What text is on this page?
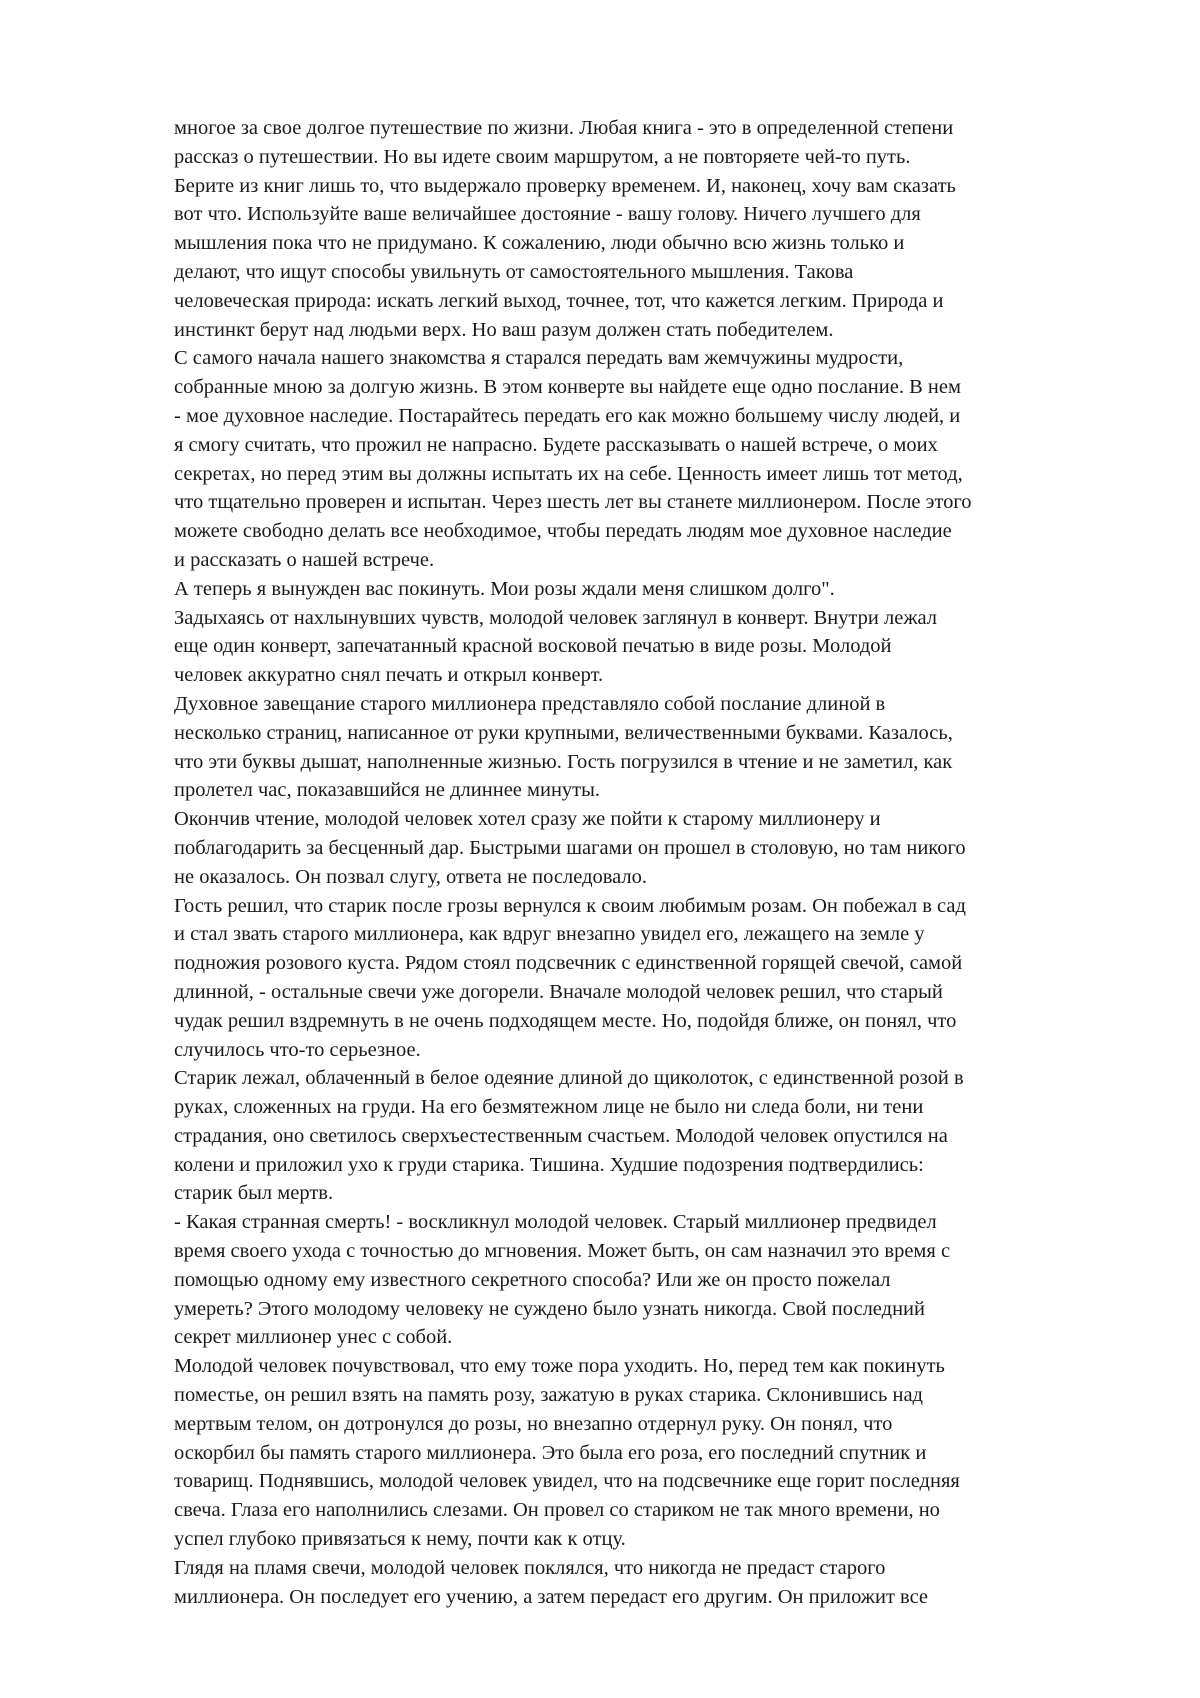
многое за свое долгое путешествие по жизни. Любая книга - это в определенной степени
рассказ о путешествии. Но вы идете своим маршрутом, а не повторяете чей-то путь.
Берите из книг лишь то, что выдержало проверку временем. И, наконец, хочу вам сказать
вот что. Используйте ваше величайшее достояние - вашу голову. Ничего лучшего для
мышления пока что не придумано. К сожалению, люди обычно всю жизнь только и
делают, что ищут способы увильнуть от самостоятельного мышления. Такова
человеческая природа: искать легкий выход, точнее, тот, что кажется легким. Природа и
инстинкт берут над людьми верх. Но ваш разум должен стать победителем.
С самого начала нашего знакомства я старался передать вам жемчужины мудрости,
собранные мною за долгую жизнь. В этом конверте вы найдете еще одно послание. В нем
- мое духовное наследие. Постарайтесь передать его как можно большему числу людей, и
я смогу считать, что прожил не напрасно. Будете рассказывать о нашей встрече, о моих
секретах, но перед этим вы должны испытать их на себе. Ценность имеет лишь тот метод,
что тщательно проверен и испытан. Через шесть лет вы станете миллионером. После этого
можете свободно делать все необходимое, чтобы передать людям мое духовное наследие
и рассказать о нашей встрече.
А теперь я вынужден вас покинуть. Мои розы ждали меня слишком долго".
Задыхаясь от нахлынувших чувств, молодой человек заглянул в конверт. Внутри лежал
еще один конверт, запечатанный красной восковой печатью в виде розы. Молодой
человек аккуратно снял печать и открыл конверт.
Духовное завещание старого миллионера представляло собой послание длиной в
несколько страниц, написанное от руки крупными, величественными буквами. Казалось,
что эти буквы дышат, наполненные жизнью. Гость погрузился в чтение и не заметил, как
пролетел час, показавшийся не длиннее минуты.
Окончив чтение, молодой человек хотел сразу же пойти к старому миллионеру и
поблагодарить за бесценный дар. Быстрыми шагами он прошел в столовую, но там никого
не оказалось. Он позвал слугу, ответа не последовало.
Гость решил, что старик после грозы вернулся к своим любимым розам. Он побежал в сад
и стал звать старого миллионера, как вдруг внезапно увидел его, лежащего на земле у
подножия розового куста. Рядом стоял подсвечник с единственной горящей свечой, самой
длинной, - остальные свечи уже догорели. Вначале молодой человек решил, что старый
чудак решил вздремнуть в не очень подходящем месте. Но, подойдя ближе, он понял, что
случилось что-то серьезное.
Старик лежал, облаченный в белое одеяние длиной до щиколоток, с единственной розой в
руках, сложенных на груди. На его безмятежном лице не было ни следа боли, ни тени
страдания, оно светилось сверхъестественным счастьем. Молодой человек опустился на
колени и приложил ухо к груди старика. Тишина. Худшие подозрения подтвердились:
старик был мертв.
- Какая странная смерть! - воскликнул молодой человек. Старый миллионер предвидел
время своего ухода с точностью до мгновения. Может быть, он сам назначил это время с
помощью одному ему известного секретного способа? Или же он просто пожелал
умереть? Этого молодому человеку не суждено было узнать никогда. Свой последний
секрет миллионер унес с собой.
Молодой человек почувствовал, что ему тоже пора уходить. Но, перед тем как покинуть
поместье, он решил взять на память розу, зажатую в руках старика. Склонившись над
мертвым телом, он дотронулся до розы, но внезапно отдернул руку. Он понял, что
оскорбил бы память старого миллионера. Это была его роза, его последний спутник и
товарищ. Поднявшись, молодой человек увидел, что на подсвечнике еще горит последняя
свеча. Глаза его наполнились слезами. Он провел со стариком не так много времени, но
успел глубоко привязаться к нему, почти как к отцу.
Глядя на пламя свечи, молодой человек поклялся, что никогда не предаст старого
миллионера. Он последует его учению, а затем передаст его другим. Он приложит все
